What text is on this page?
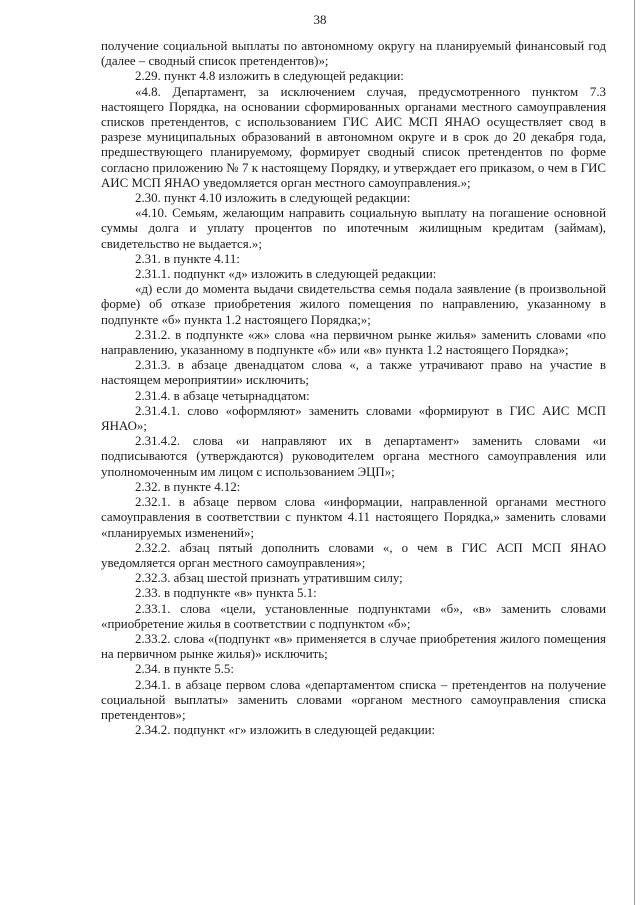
38

получение социальной выплаты по автономному округу на планируемый финансовый год (далее – сводный список претендентов)»;

2.29. пункт 4.8 изложить в следующей редакции:

«4.8. Департамент, за исключением случая, предусмотренного пунктом 7.3 настоящего Порядка, на основании сформированных органами местного самоуправления списков претендентов, с использованием ГИС АИС МСП ЯНАО осуществляет свод в разрезе муниципальных образований в автономном округе и в срок до 20 декабря года, предшествующего планируемому, формирует сводный список претендентов по форме согласно приложению № 7 к настоящему Порядку, и утверждает его приказом, о чем в ГИС АИС МСП ЯНАО уведомляется орган местного самоуправления.»;

2.30. пункт 4.10 изложить в следующей редакции:

«4.10. Семьям, желающим направить социальную выплату на погашение основной суммы долга и уплату процентов по ипотечным жилищным кредитам (займам), свидетельство не выдается.»;

2.31. в пункте 4.11:

2.31.1. подпункт «д» изложить в следующей редакции:

«д) если до момента выдачи свидетельства семья подала заявление (в произвольной форме) об отказе приобретения жилого помещения по направлению, указанному в подпункте «б» пункта 1.2 настоящего Порядка;»;

2.31.2. в подпункте «ж» слова «на первичном рынке жилья» заменить словами «по направлению, указанному в подпункте «б» или «в» пункта 1.2 настоящего Порядка»;

2.31.3. в абзаце двенадцатом слова «, а также утрачивают право на участие в настоящем мероприятии» исключить;

2.31.4. в абзаце четырнадцатом:

2.31.4.1. слово «оформляют» заменить словами «формируют в ГИС АИС МСП ЯНАО»;

2.31.4.2. слова «и направляют их в департамент» заменить словами «и подписываются (утверждаются) руководителем органа местного самоуправления или уполномоченным им лицом с использованием ЭЦП»;

2.32. в пункте 4.12:

2.32.1. в абзаце первом слова «информации, направленной органами местного самоуправления в соответствии с пунктом 4.11 настоящего Порядка,» заменить словами «планируемых изменений»;

2.32.2. абзац пятый дополнить словами «, о чем в ГИС АСП МСП ЯНАО уведомляется орган местного самоуправления»;

2.32.3. абзац шестой признать утратившим силу;

2.33. в подпункте «в» пункта 5.1:

2.33.1. слова «цели, установленные подпунктами «б», «в» заменить словами «приобретение жилья в соответствии с подпунктом «б»;

2.33.2. слова «(подпункт «в» применяется в случае приобретения жилого помещения на первичном рынке жилья)» исключить;

2.34. в пункте 5.5:

2.34.1. в абзаце первом слова «департаментом списка – претендентов на получение социальной выплаты» заменить словами «органом местного самоуправления списка претендентов»;

2.34.2. подпункт «г» изложить в следующей редакции:
